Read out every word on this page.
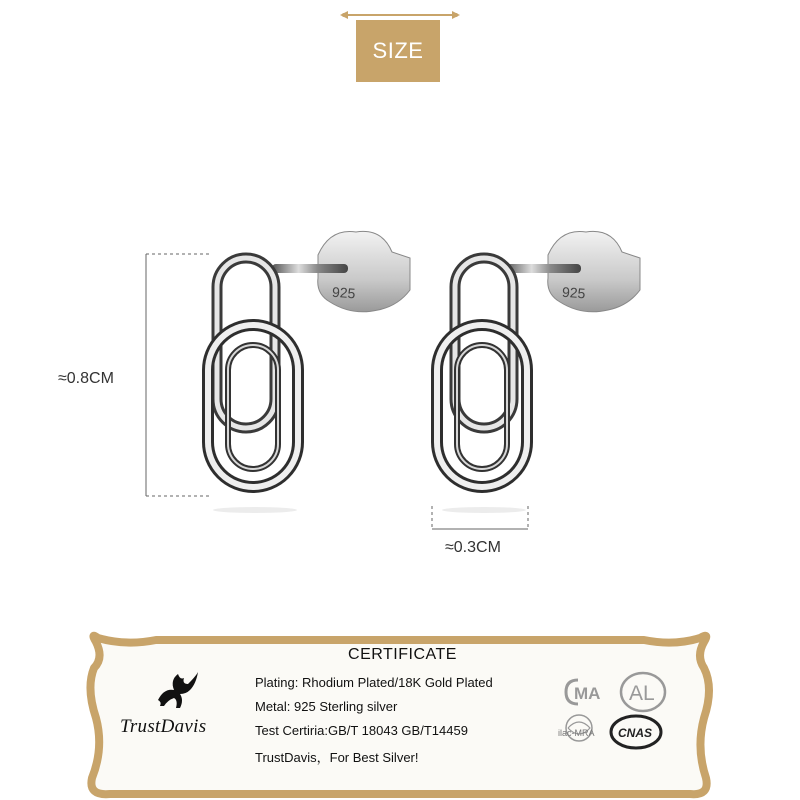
SIZE
925	925
≈0.8CM
≈0.3CM
CERTIFICATE
TrustDavis
Plating: Rhodium Plated/18K Gold Plated
Metal: 925 Sterling silver
Test Certiria:GB/T 18043 GB/T14459
TrustDavis，For Best Silver!
MA AL
ilac-MRA CNAS
